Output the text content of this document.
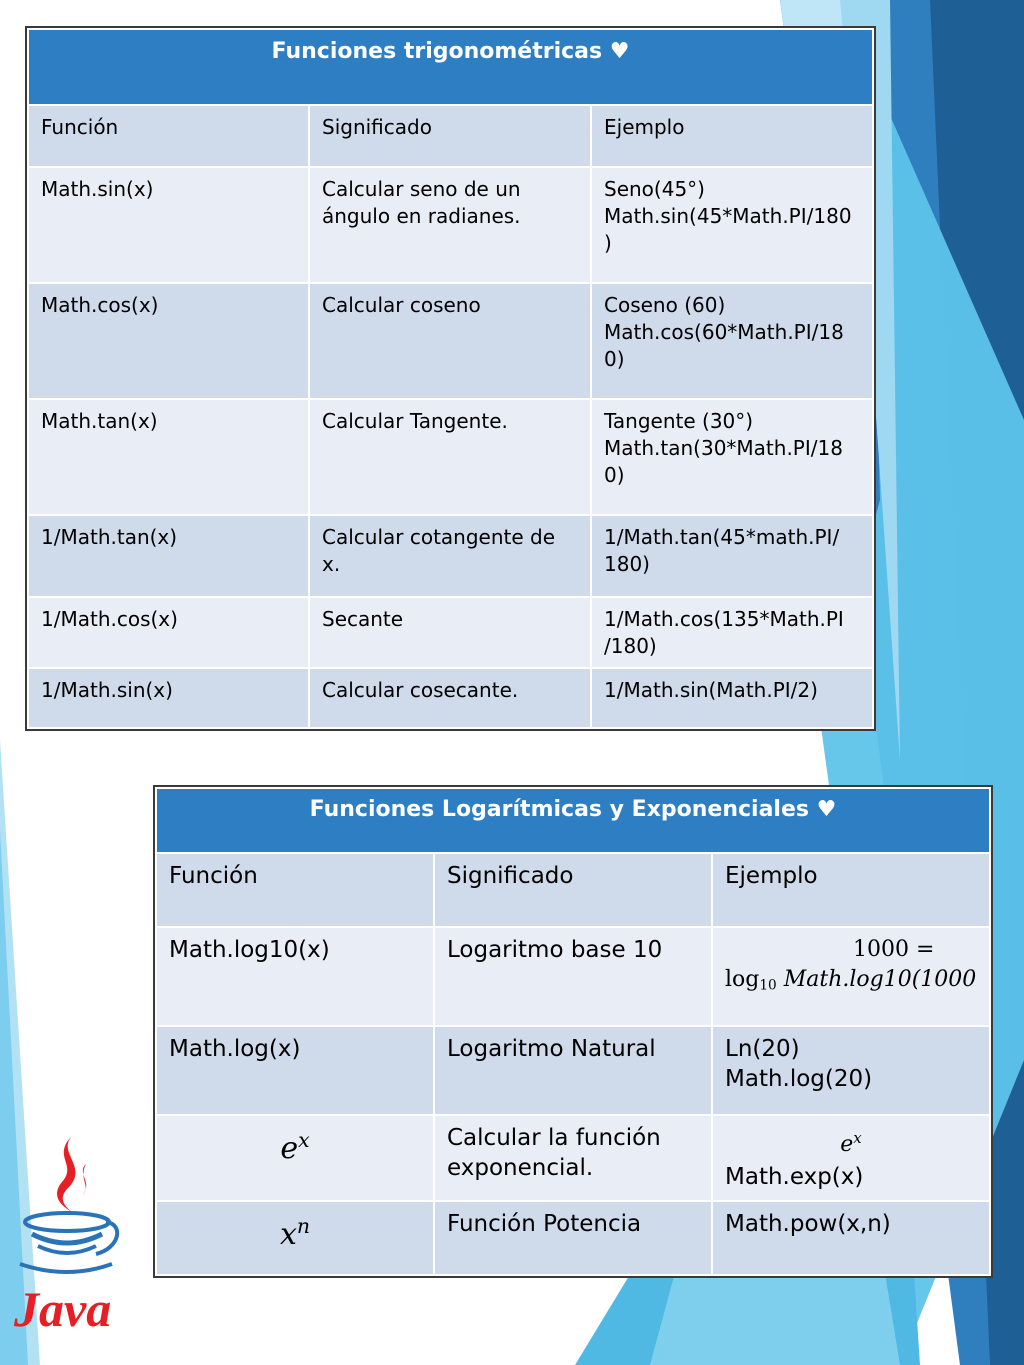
Funciones trigonométricas ♥		
Función	Significado	Ejemplo
Math.sin(x)	Calcular seno de un ángulo en radianes.	Seno(45°)
Math.sin(45*Math.PI/180 )

Math.cos(x)	Calcular coseno	Coseno (60)
Math.cos(60*Math.PI/18 0)

Math.tan(x)	Calcular Tangente.	Tangente (30°)
Math.tan(30*Math.PI/18 0)

1/Math.tan(x)	Calcular cotangente de x.	1/Math.tan(45*math.PI/ 180)
1/Math.cos(x)	Secante	1/Math.cos(135*Math.PI /180)
1/Math.sin(x)	Calcular cosecante.	1/Math.sin(Math.PI/2)
Funciones Logarítmicas y Exponenciales ♥		
Función	Significado	Ejemplo
Math.log10(x)	Logaritmo base 10	1000 =
$\log_{10}$ Math.log10(1000

Math.log(x)	Logaritmo Natural	Ln(20)
Math.log(20)

$e^x$	Calcular la función exponencial.	$e^x$
Math.exp(x)

$x^n$	Función Potencia	Math.pow(x,n)
Java
